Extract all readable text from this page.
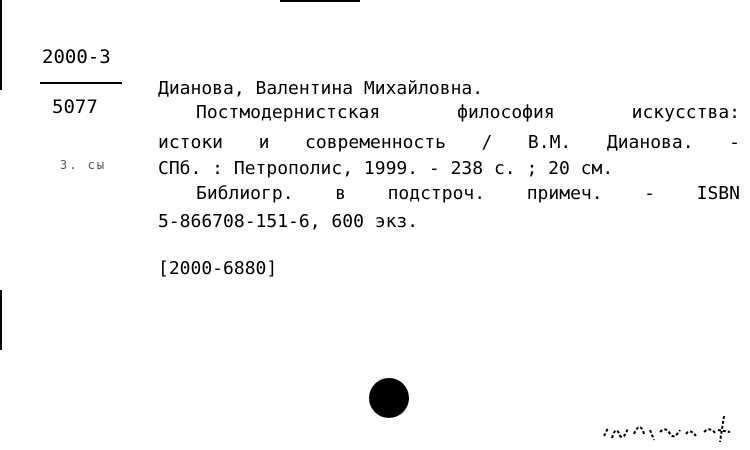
2000-3
5077
З. сы
Дианова, Валентина Михайловна.
Постмодернистская	философия	искусства:
истоки и современность / В.М. Дианова. -
СПб. : Петрополис, 1999. - 238 с. ; 20 см.
Библиогр. в подстроч. примеч. - ISBN
5-866708-151-6, 600 экз.
[2000-6880]
